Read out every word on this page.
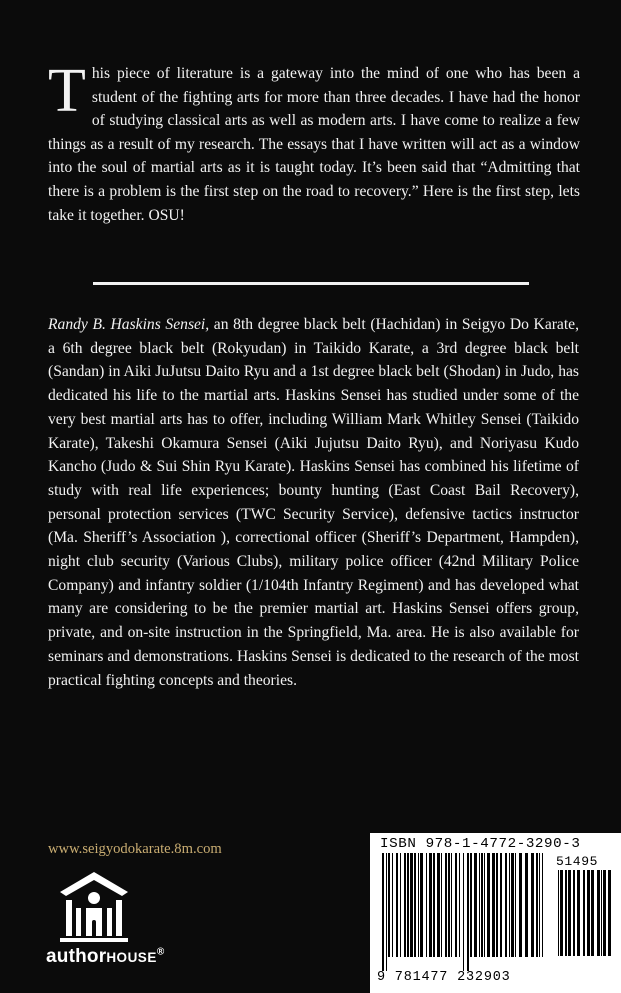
This piece of literature is a gateway into the mind of one who has been a student of the fighting arts for more than three decades. I have had the honor of studying classical arts as well as modern arts. I have come to realize a few things as a result of my research. The essays that I have written will act as a window into the soul of martial arts as it is taught today. It’s been said that “Admitting that there is a problem is the first step on the road to recovery.” Here is the first step, lets take it together. OSU!
Randy B. Haskins Sensei, an 8th degree black belt (Hachidan) in Seigyo Do Karate, a 6th degree black belt (Rokyudan) in Taikido Karate, a 3rd degree black belt (Sandan) in Aiki JuJutsu Daito Ryu and a 1st degree black belt (Shodan) in Judo, has dedicated his life to the martial arts. Haskins Sensei has studied under some of the very best martial arts has to offer, including William Mark Whitley Sensei (Taikido Karate), Takeshi Okamura Sensei (Aiki Jujutsu Daito Ryu), and Noriyasu Kudo Kancho (Judo & Sui Shin Ryu Karate). Haskins Sensei has combined his lifetime of study with real life experiences; bounty hunting (East Coast Bail Recovery), personal protection services (TWC Security Service), defensive tactics instructor (Ma. Sheriff’s Association ), correctional officer (Sheriff’s Department, Hampden), night club security (Various Clubs), military police officer (42nd Military Police Company) and infantry soldier (1/104th Infantry Regiment) and has developed what many are considering to be the premier martial art. Haskins Sensei offers group, private, and on-site instruction in the Springfield, Ma. area. He is also available for seminars and demonstrations. Haskins Sensei is dedicated to the research of the most practical fighting concepts and theories.
www.seigyodokarate.8m.com
authorHOUSE®
ISBN 978-1-4772-3290-3
51495
9 781477 232903
